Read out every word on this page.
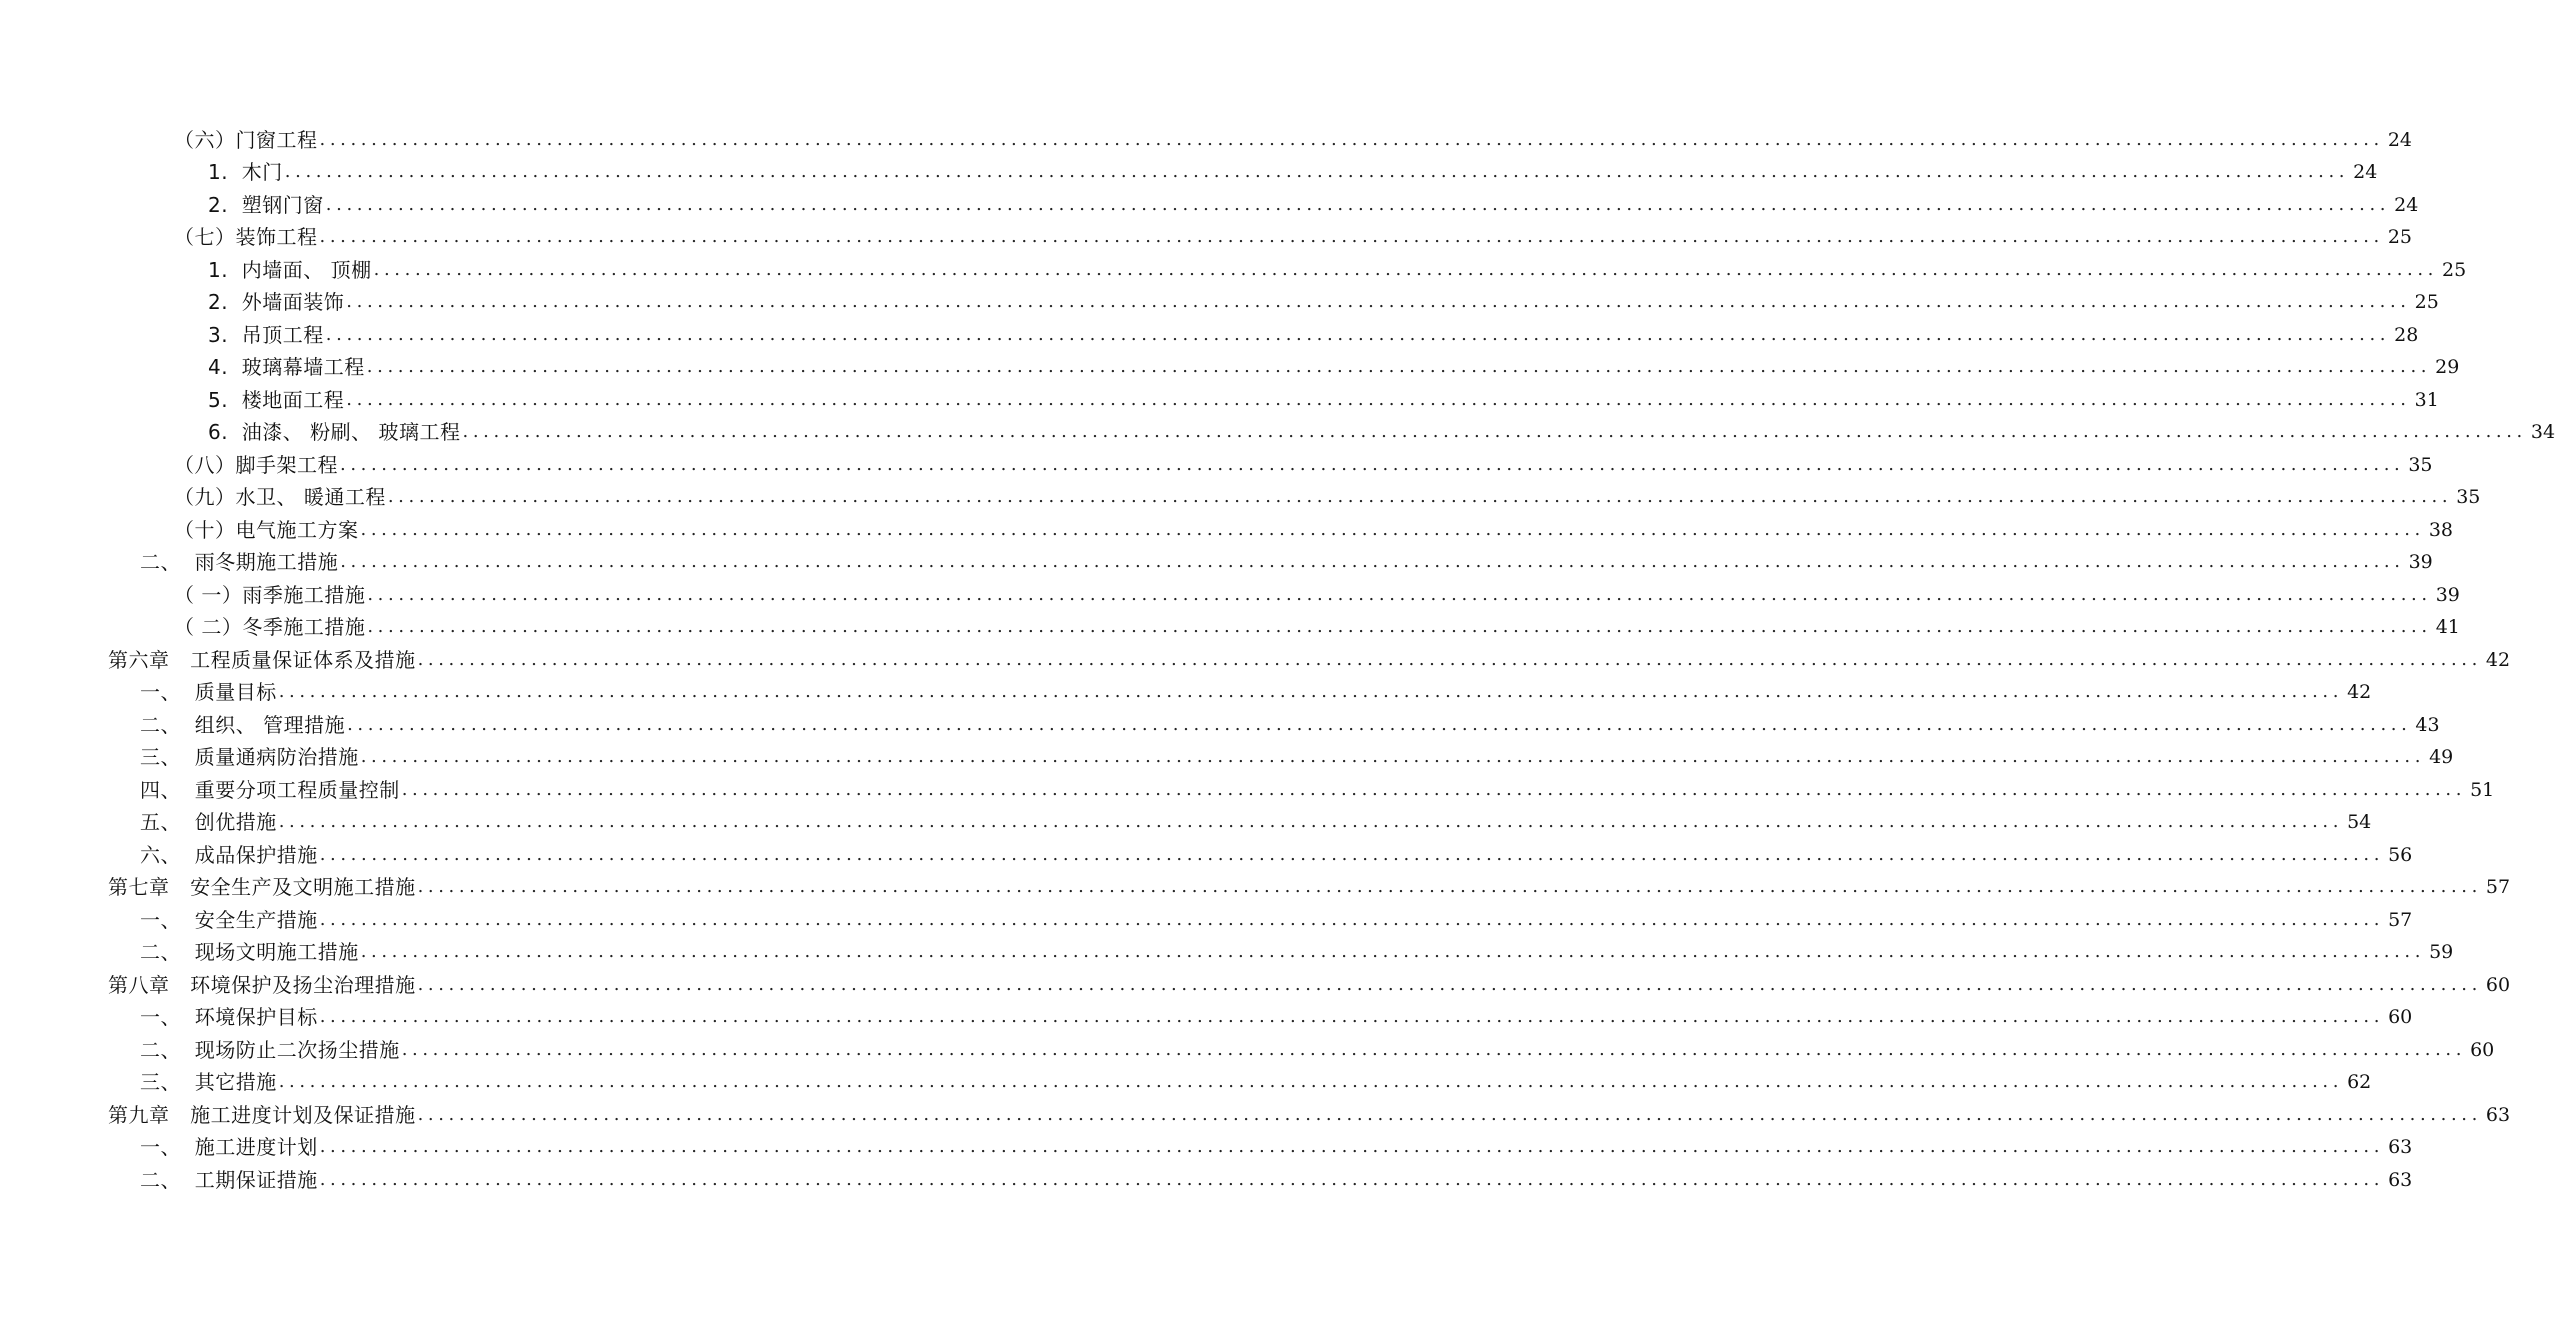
（六）门窗工程 ........................................................................................................................................................................................................ 24
1.  木门 ........................................................................................................................................................................................................ 24
2.  塑钢门窗 ........................................................................................................................................................................................................ 24
（七）装饰工程 ........................................................................................................................................................................................................ 25
1.  内墙面、 顶棚 ........................................................................................................................................................................................................ 25
2.  外墙面装饰 ........................................................................................................................................................................................................ 25
3.  吊顶工程 ........................................................................................................................................................................................................ 28
4.  玻璃幕墙工程 ........................................................................................................................................................................................................ 29
5.  楼地面工程 ........................................................................................................................................................................................................ 31
6.  油漆、 粉刷、 玻璃工程 ........................................................................................................................................................................................................ 34
（八）脚手架工程 ........................................................................................................................................................................................................ 35
（九）水卫、 暖通工程 ........................................................................................................................................................................................................ 35
（十）电气施工方案 ........................................................................................................................................................................................................ 38
二、  雨冬期施工措施 ........................................................................................................................................................................................................ 39
（ 一）雨季施工措施 ........................................................................................................................................................................................................ 39
（ 二）冬季施工措施 ........................................................................................................................................................................................................ 41
第六章   工程质量保证体系及措施 ........................................................................................................................................................................................................ 42
一、  质量目标 ........................................................................................................................................................................................................ 42
二、  组织、 管理措施 ........................................................................................................................................................................................................ 43
三、  质量通病防治措施 ........................................................................................................................................................................................................ 49
四、  重要分项工程质量控制 ........................................................................................................................................................................................................ 51
五、  创优措施 ........................................................................................................................................................................................................ 54
六、  成品保护措施 ........................................................................................................................................................................................................ 56
第七章   安全生产及文明施工措施 ........................................................................................................................................................................................................ 57
一、  安全生产措施 ........................................................................................................................................................................................................ 57
二、  现场文明施工措施 ........................................................................................................................................................................................................ 59
第八章   环境保护及扬尘治理措施 ........................................................................................................................................................................................................ 60
一、  环境保护目标 ........................................................................................................................................................................................................ 60
二、  现场防止二次扬尘措施 ........................................................................................................................................................................................................ 60
三、  其它措施 ........................................................................................................................................................................................................ 62
第九章   施工进度计划及保证措施 ........................................................................................................................................................................................................ 63
一、  施工进度计划 ........................................................................................................................................................................................................ 63
二、  工期保证措施 ........................................................................................................................................................................................................ 63
